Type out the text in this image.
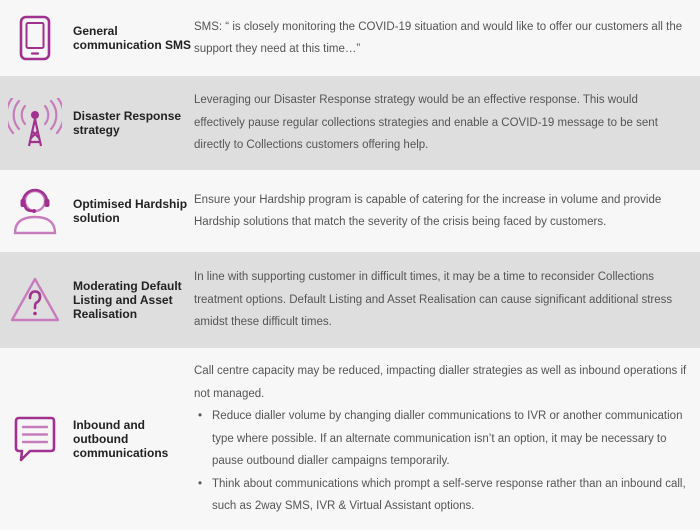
General communication SMS
SMS: “ is closely monitoring the COVID-19 situation and would like to offer our customers all the support they need at this time…”
Disaster Response strategy
Leveraging our Disaster Response strategy would be an effective response. This would effectively pause regular collections strategies and enable a COVID-19 message to be sent directly to Collections customers offering help.
Optimised Hardship solution
Ensure your Hardship program is capable of catering for the increase in volume and provide Hardship solutions that match the severity of the crisis being faced by customers.
Moderating Default Listing and Asset Realisation
In line with supporting customer in difficult times, it may be a time to reconsider Collections treatment options. Default Listing and Asset Realisation can cause significant additional stress amidst these difficult times.
Inbound and outbound communications
Call centre capacity may be reduced, impacting dialler strategies as well as inbound operations if not managed.
• Reduce dialler volume by changing dialler communications to IVR or another communication type where possible. If an alternate communication isn’t an option, it may be necessary to pause outbound dialler campaigns temporarily.
• Think about communications which prompt a self-serve response rather than an inbound call, such as 2way SMS, IVR & Virtual Assistant options.
